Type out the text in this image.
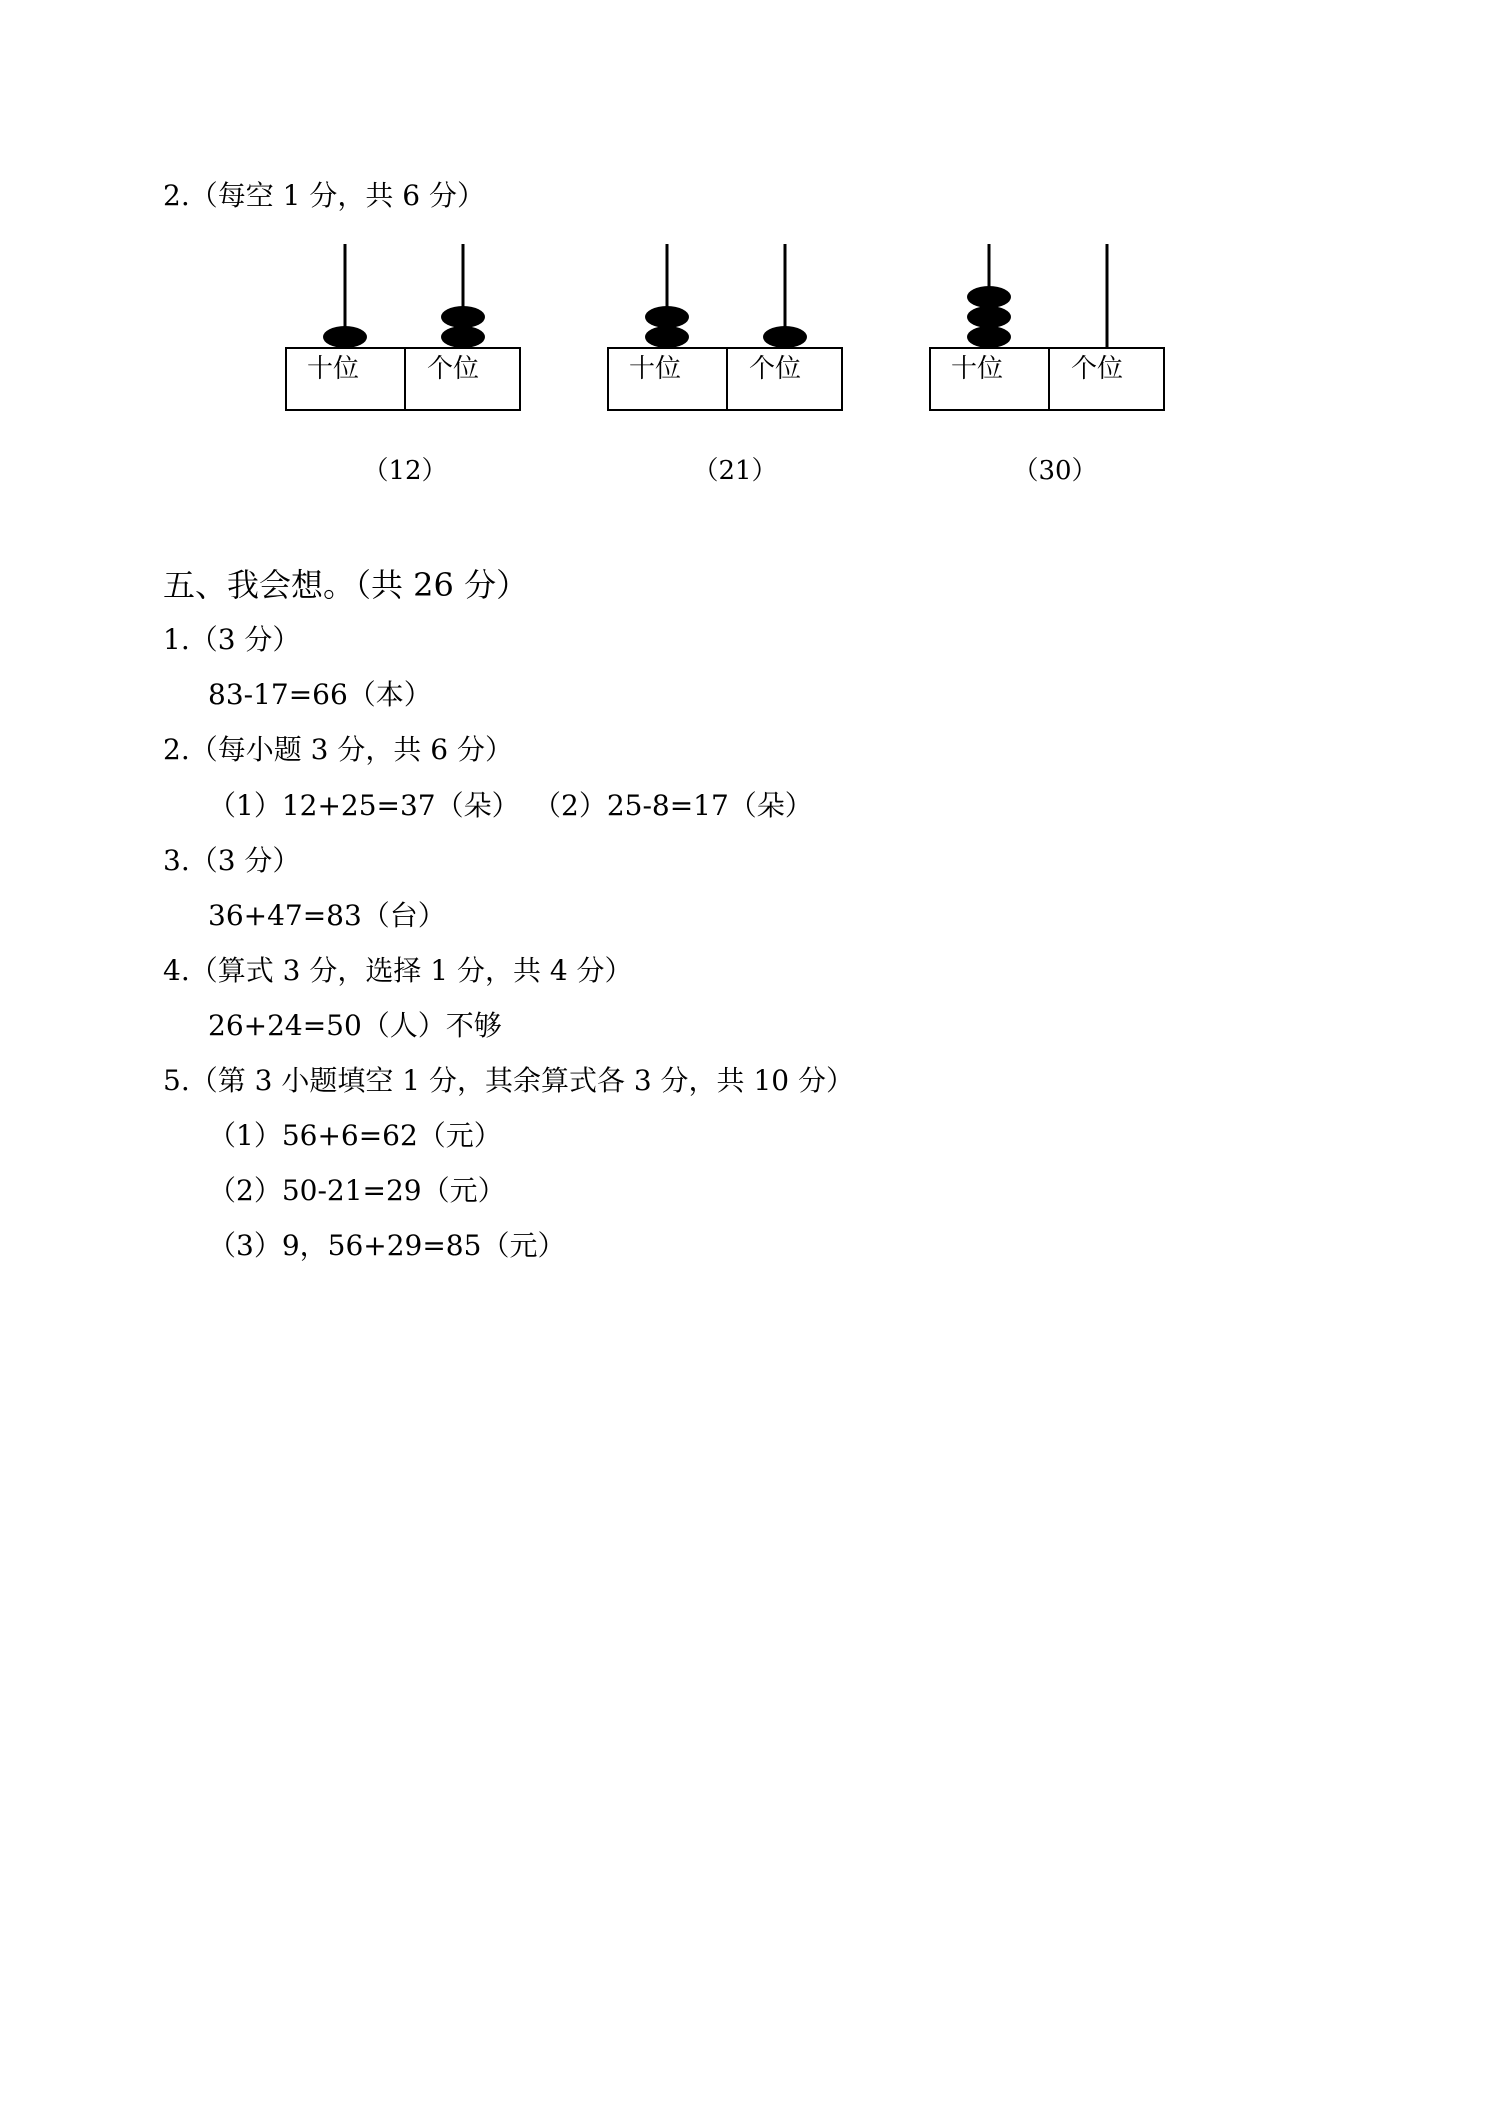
2.（每空 1 分，共 6 分）
十位	个位
（12）
十位	个位
（21）
十位	个位
（30）
五、我会想。（共 26 分）
1.（3 分）
83-17=66（本）
2.（每小题 3 分，共 6 分）
（1）12+25=37（朵） （2）25-8=17（朵）
3.（3 分）
36+47=83（台）
4.（算式 3 分，选择 1 分，共 4 分）
26+24=50（人）不够
5.（第 3 小题填空 1 分，其余算式各 3 分，共 10 分）
（1）56+6=62（元）
（2）50-21=29（元）
（3）9，56+29=85（元）
